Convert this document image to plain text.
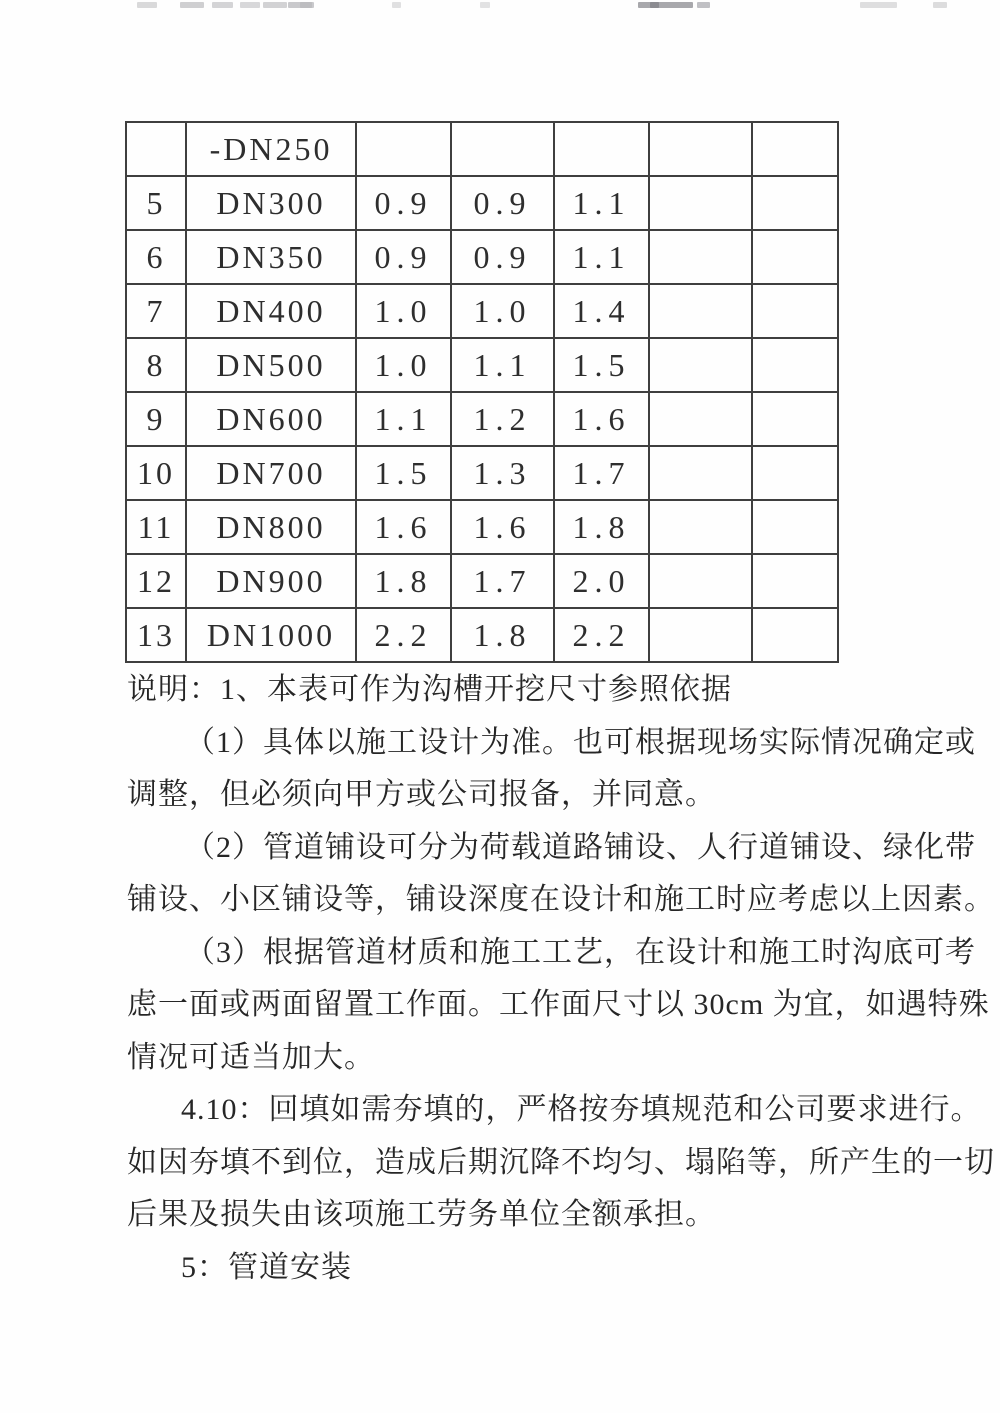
	-DN250					
5	DN300	0.9	0.9	1.1		
6	DN350	0.9	0.9	1.1		
7	DN400	1.0	1.0	1.4		
8	DN500	1.0	1.1	1.5		
9	DN600	1.1	1.2	1.6		
10	DN700	1.5	1.3	1.7		
11	DN800	1.6	1.6	1.8		
12	DN900	1.8	1.7	2.0		
13	DN1000	2.2	1.8	2.2		
说明：1、本表可作为沟槽开挖尺寸参照依据
（1）具体以施工设计为准。也可根据现场实际情况确定或
调整，但必须向甲方或公司报备，并同意。
（2）管道铺设可分为荷载道路铺设、人行道铺设、绿化带
铺设、小区铺设等，铺设深度在设计和施工时应考虑以上因素。
（3）根据管道材质和施工工艺，在设计和施工时沟底可考
虑一面或两面留置工作面。工作面尺寸以 30cm 为宜，如遇特殊
情况可适当加大。
4.10：回填如需夯填的，严格按夯填规范和公司要求进行。
如因夯填不到位，造成后期沉降不均匀、塌陷等，所产生的一切
后果及损失由该项施工劳务单位全额承担。
5：管道安装
